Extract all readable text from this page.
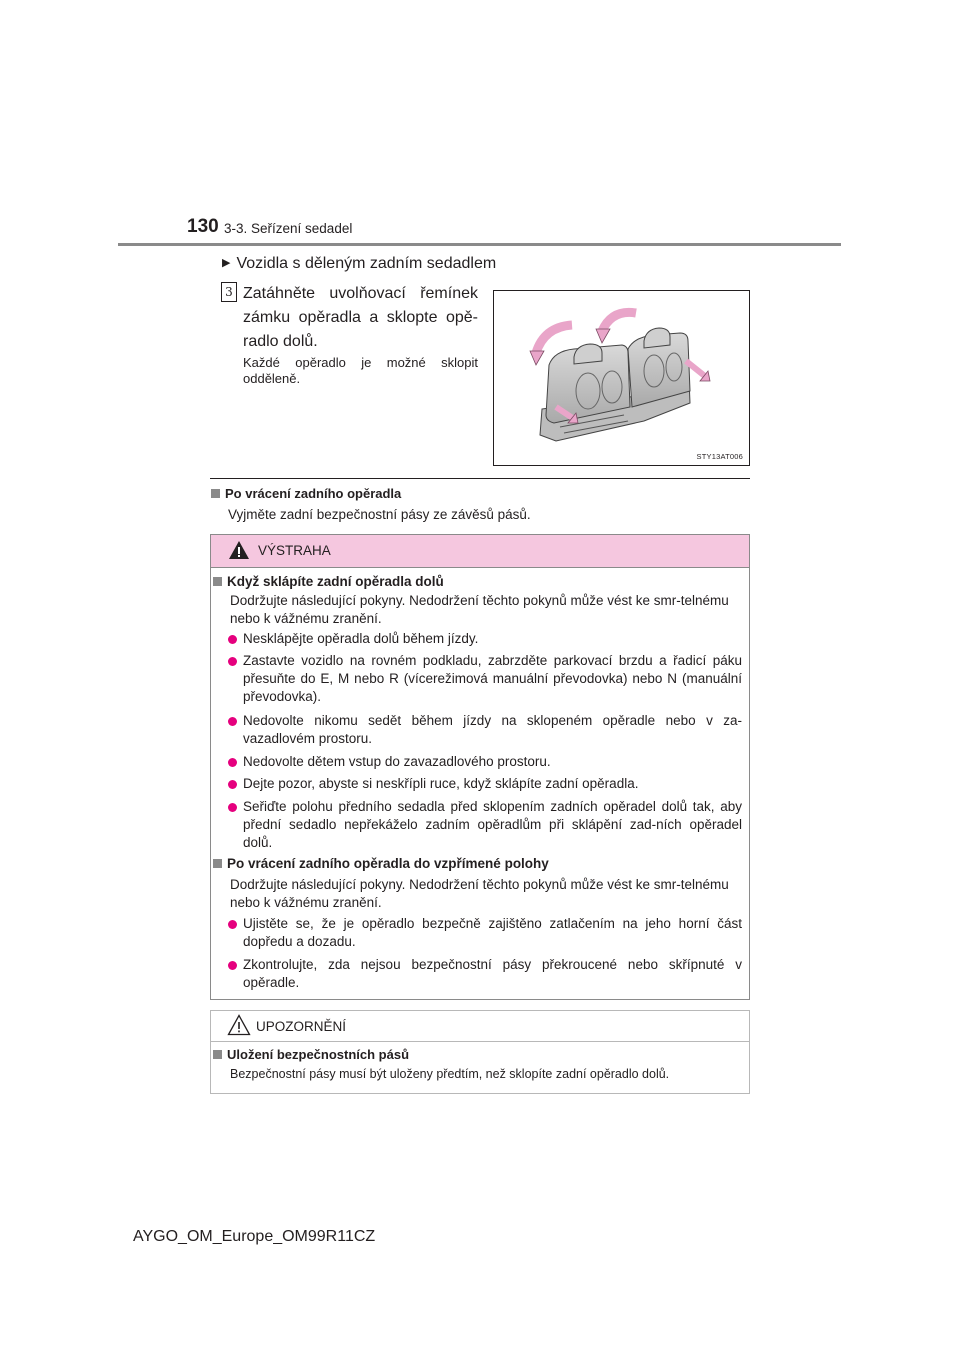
130 3-3. Seřízení sedadel
▶ Vozidla s děleným zadním sedadlem
3 Zatáhněte uvolňovací řemínek zámku opěradla a sklopte opě-radlo dolů.
Každé opěradlo je možné sklopit odděleně.
STY13AT006
Po vrácení zadního opěradla
Vyjměte zadní bezpečnostní pásy ze závěsů pásů.
VÝSTRAHA
Když sklápíte zadní opěradla dolů
Dodržujte následující pokyny. Nedodržení těchto pokynů může vést ke smr-telnému nebo k vážnému zranění.
Nesklápějte opěradla dolů během jízdy.
Zastavte vozidlo na rovném podkladu, zabrzděte parkovací brzdu a řadicí páku přesuňte do E, M nebo R (vícerežimová manuální převodovka) nebo N (manuální převodovka).
Nedovolte nikomu sedět během jízdy na sklopeném opěradle nebo v za-vazadlovém prostoru.
Nedovolte dětem vstup do zavazadlového prostoru.
Dejte pozor, abyste si neskřípli ruce, když sklápíte zadní opěradla.
Seřiďte polohu předního sedadla před sklopením zadních opěradel dolů tak, aby přední sedadlo nepřekáželo zadním opěradlům při sklápění zad-ních opěradel dolů.
Po vrácení zadního opěradla do vzpřímené polohy
Dodržujte následující pokyny. Nedodržení těchto pokynů může vést ke smr-telnému nebo k vážnému zranění.
Ujistěte se, že je opěradlo bezpečně zajištěno zatlačením na jeho horní část dopředu a dozadu.
Zkontrolujte, zda nejsou bezpečnostní pásy překroucené nebo skřípnuté v opěradle.
UPOZORNĚNÍ
Uložení bezpečnostních pásů
Bezpečnostní pásy musí být uloženy předtím, než sklopíte zadní opěradlo dolů.
AYGO_OM_Europe_OM99R11CZ
